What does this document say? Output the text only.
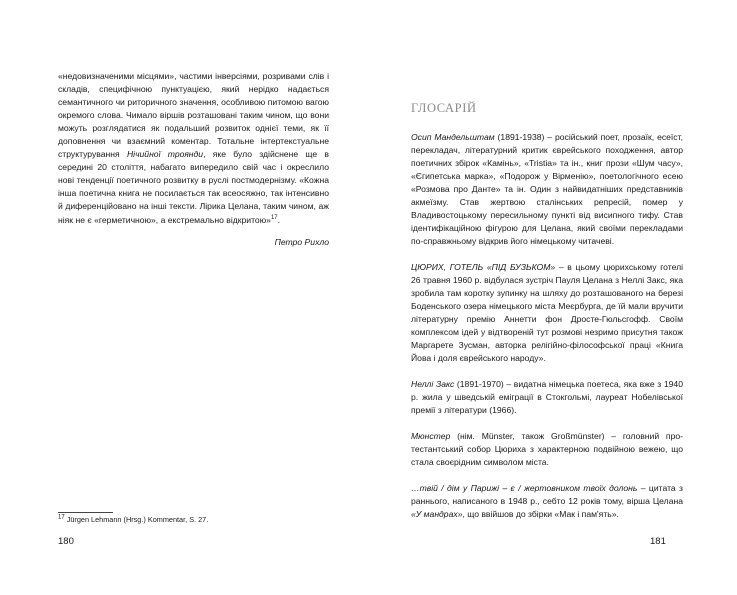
«недовизначеними місцями», частими інверсіями, розривами слів і складів, специфічною пунктуацією, який нерідко надається семантичного чи риторичного значення, особливою питомою вагою окремого слова. Чимало віршів розташовані таким чином, що вони можуть розглядатися як подальший розвиток однієї теми, як її доповнення чи взаємний коментар. Тотальне інтертекстуальне структурування Нічийної троянди, яке було здійснене ще в середині 20 століття, набагато випередило свій час і окреслило нові тенденції поетичного розвитку в руслі постмодернізму. «Кожна інша поетична книга не посилається так всеосяжно, так інтенсивно й диференційовано на інші тексти. Лірика Целана, таким чином, аж ніяк не є «герметичною», а екстремально відкритою»$^{17}$.
Петро Рихло
$^{17}$ Jürgen Lehmann (Hrsg.) Kommentar, S. 27.
180
ГЛОСАРІЙ
Осип Мандельштам (1891-1938) – російський поет, прозаїк, есеїст, перекладач, літературний критик єврейського походження, автор поетичних збірок «Камінь», «Tristia» та ін., книг прози «Шум часу», «Єгипетська марка», «Подорож у Вірменію», поетологічного есею «Розмова про Данте» та ін. Один з найвидатніших представників акмеїзму. Став жертвою сталінських репресій, помер у Владивостоцькому пересильному пункті від висипного тифу. Став ідентифікаційною фігурою для Целана, який своїми перекладами по-справжньому відкрив його німецькому читачеві.
ЦЮРИХ, ГОТЕЛЬ «ПІД БУЗЬКОМ» – в цьому цюрихському готелі 26 травня 1960 р. відбулася зустріч Пауля Целана з Неллі Закс, яка зробила там коротку зупинку на шляху до розташованого на березі Боденського озера німецького міста Меєрбурга, де їй мали вручити літературну премію Аннетти фон Дросте-Гюльсгофф. Своїм комплексом ідей у відтвореній тут розмові незримо присутня також Маргарете Зусман, авторка релігійно-філософської праці «Книга Йова і доля єврейського народу».
Неллі Закс (1891-1970) – видатна німецька поетеса, яка вже з 1940 р. жила у шведській еміграції в Стокгольмі, лауреат Нобелівської премії з літератури (1966).
Мюнстер (нім. Münster, також Großmünster) – головний протестантський собор Цюриха з характерною подвійною вежею, що стала своєрідним символом міста.
…твій / дім у Парижі – є / жертовником твоїх долонь – цитата з раннього, написаного в 1948 р., себто 12 років тому, вірша Целана «У мандрах», що ввійшов до збірки «Мак і пам'ять».
181
